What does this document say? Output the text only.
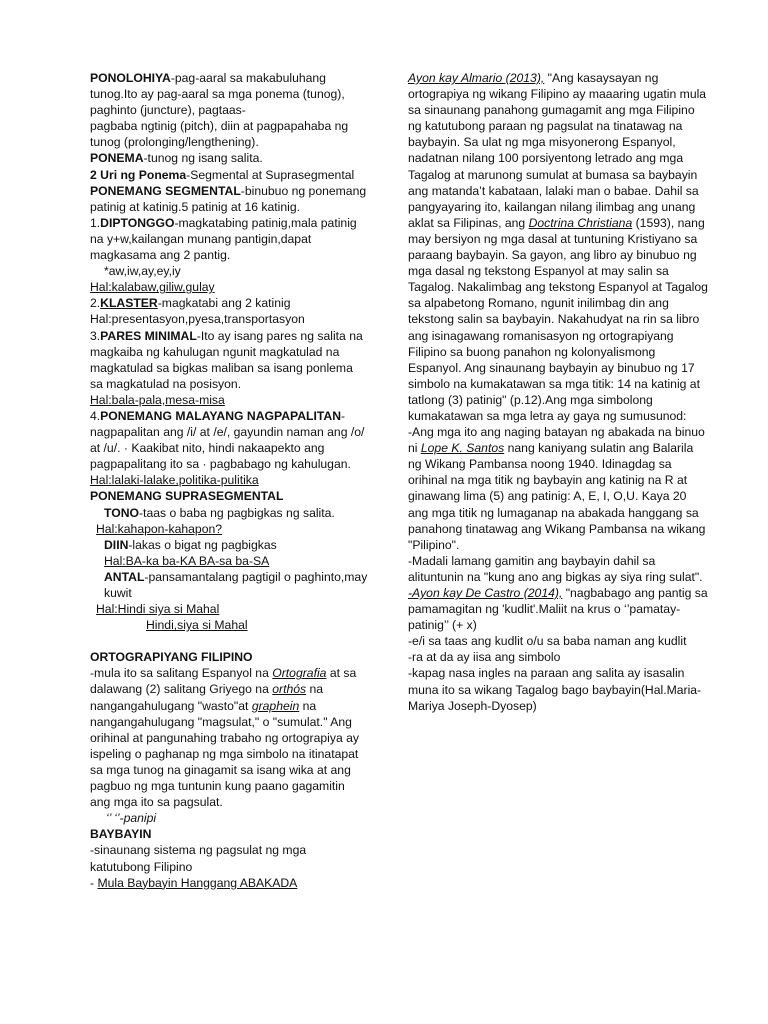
PONOLOHIYA-pag-aaral sa makabuluhang tunog.Ito ay pag-aaral sa mga ponema (tunog), paghinto (juncture), pagtaas-

pagbaba ngtinig (pitch), diin at pagpapahaba ng tunog (prolonging/lengthening).

PONEMA-tunog ng isang salita.

2 Uri ng Ponema-Segmental at Suprasegmental

PONEMANG SEGMENTAL-binubuo ng ponemang patinig at katinig.5 patinig at 16 katinig.

1.DIPTONGGO-magkatabing patinig,mala patinig na y+w,kailangan munang pantigin,dapat magkasama ang 2 pantig.

*aw,iw,ay,ey,iy

Hal:kalabaw,giliw,gulay

2.KLASTER-magkatabi ang 2 katinig

Hal:presentasyon,pyesa,transportasyon

3.PARES MINIMAL-Ito ay isang pares ng salita na magkaiba ng kahulugan ngunit magkatulad na magkatulad sa bigkas maliban sa isang ponlema sa magkatulad na posisyon.

Hal:bala-pala,mesa-misa

4.PONEMANG MALAYANG NAGPAPALITAN-nagpapalitan ang /i/ at /e/, gayundin naman ang /o/ at /u/. · Kaakibat nito, hindi nakaapekto ang pagpapalitang ito sa · pagbabago ng kahulugan.

Hal:lalaki-lalake,politika-pulitika

PONEMANG SUPRASEGMENTAL

TONO-taas o baba ng pagbigkas ng salita.

Hal:kahapon-kahapon?

DIIN-lakas o bigat ng pagbigkas

Hal:BA-ka ba-KA BA-sa ba-SA

ANTAL-pansamantalang pagtigil o paghinto,may kuwit

Hal:Hindi siya si Mahal

Hindi,siya si Mahal

ORTOGRAPIYANG FILIPINO

-mula ito sa salitang Espanyol na Ortografia at sa dalawang (2) salitang Griyego na orthós na nangangahulugang "wasto"at graphein na nangangahulugang "magsulat," o "sumulat." Ang orihinal at pangunahing trabaho ng ortograpiya ay ispeling o paghanap ng mga simbolo na itinatapat sa mga tunog na ginagamit sa isang wika at ang pagbuo ng mga tuntunin kung paano gagamitin ang mga ito sa pagsulat.

‘’ ‘’-panipi

BAYBAYIN

-sinaunang sistema ng pagsulat ng mga katutubong Filipino

- Mula Baybayin Hanggang ABAKADA

Ayon kay Almario (2013), "Ang kasaysayan ng ortograpiya ng wikang Filipino ay maaaring ugatin mula sa sinaunang panahong gumagamit ang mga Filipino ng katutubong paraan ng pagsulat na tinatawag na baybayin. Sa ulat ng mga misyonerong Espanyol, nadatnan nilang 100 porsiyentong letrado ang mga Tagalog at marunong sumulat at bumasa sa baybayin ang matanda’t kabataan, lalaki man o babae. Dahil sa pangyayaring ito, kailangan nilang ilimbag ang unang aklat sa Filipinas, ang Doctrina Christiana (1593), nang may bersiyon ng mga dasal at tuntuning Kristiyano sa paraang baybayin. Sa gayon, ang libro ay binubuo ng mga dasal ng tekstong Espanyol at may salin sa Tagalog. Nakalimbag ang tekstong Espanyol at Tagalog sa alpabetong Romano, ngunit inilimbag din ang tekstong salin sa baybayin. Nakahudyat na rin sa libro ang isinagawang romanisasyon ng ortograpiyang Filipino sa buong panahon ng kolonyalismong Espanyol. Ang sinaunang baybayin ay binubuo ng 17 simbolo na kumakatawan sa mga titik: 14 na katinig at tatlong (3) patinig" (p.12).Ang mga simbolong kumakatawan sa mga letra ay gaya ng sumusunod:

-Ang mga ito ang naging batayan ng abakada na binuo ni Lope K. Santos nang kaniyang sulatin ang Balarila ng Wikang Pambansa noong 1940. Idinagdag sa orihinal na mga titik ng baybayin ang katinig na R at ginawang lima (5) ang patinig: A, E, I, O,U. Kaya 20 ang mga titik ng lumaganap na abakada hanggang sa panahong tinatawag ang Wikang Pambansa na wikang "Pilipino".

-Madali lamang gamitin ang baybayin dahil sa alituntunin na "kung ano ang bigkas ay siya ring sulat".

-Ayon kay De Castro (2014), "nagbabago ang pantig sa pamamagitan ng 'kudlit'.Maliit na krus o ‘’pamatay-patinig’’ (+ x)

-e/i sa taas ang kudlit o/u sa baba naman ang kudlit

-ra at da ay iisa ang simbolo

-kapag nasa ingles na paraan ang salita ay isasalin muna ito sa wikang Tagalog bago baybayin(Hal.Maria-Mariya Joseph-Dyosep)
